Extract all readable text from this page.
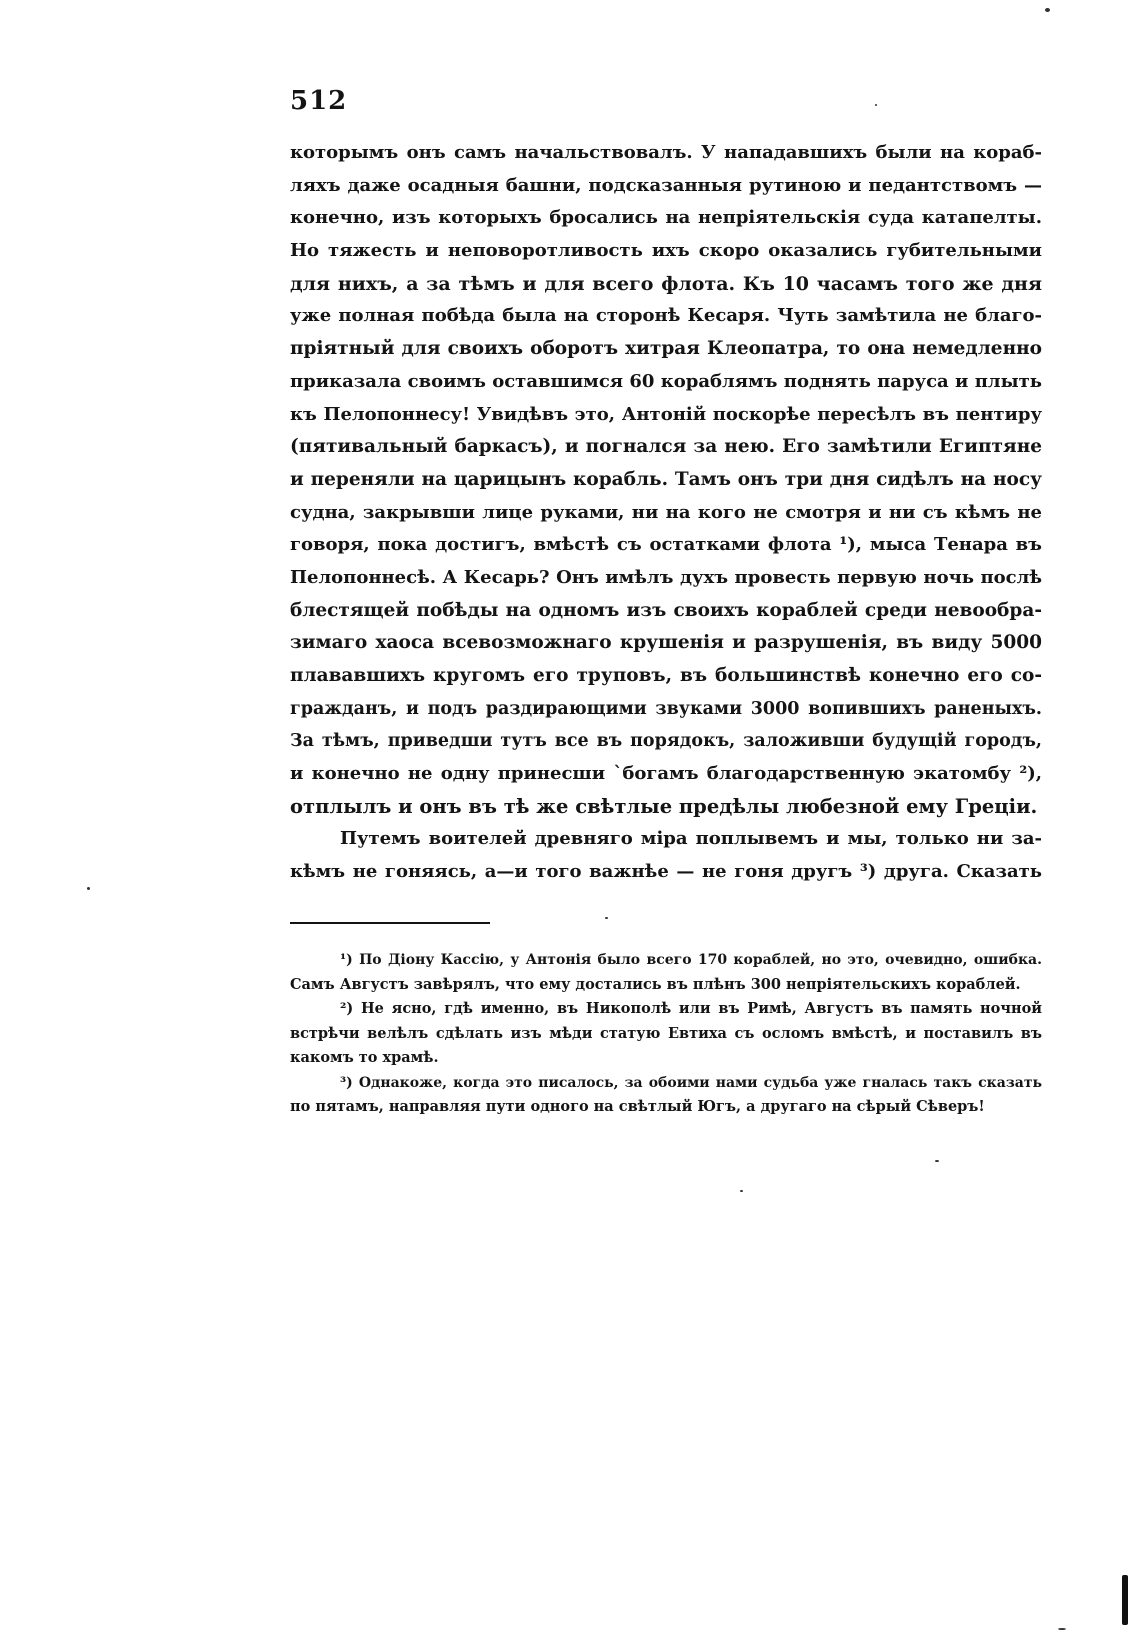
512
которымъ онъ самъ начальствовалъ. У нападавшихъ были на кораб-
ляхъ даже осадныя башни, подсказанныя рутиною и педантствомъ —
конечно, изъ которыхъ бросались на непріятельскія суда катапелты.
Но тяжесть и неповоротливость ихъ скоро оказались губительными
для нихъ, а за тѣмъ и для всего флота. Къ 10 часамъ того же дня
уже полная побѣда была на сторонѣ Кесаря. Чуть замѣтила не благо-
пріятный для своихъ оборотъ хитрая Клеопатра, то она немедленно
приказала своимъ оставшимся 60 кораблямъ поднять паруса и плыть
къ Пелопоннесу! Увидѣвъ это, Антоній поскорѣе пересѣлъ въ пентиру
(пятивальный баркасъ), и погнался за нею. Его замѣтили Египтяне
и переняли на царицынъ корабль. Тамъ онъ три дня сидѣлъ на носу
судна, закрывши лице руками, ни на кого не смотря и ни съ кѣмъ не
говоря, пока достигъ, вмѣстѣ съ остатками флота ¹), мыса Тенара въ
Пелопоннесѣ. А Кесарь? Онъ имѣлъ духъ провесть первую ночь послѣ
блестящей побѣды на одномъ изъ своихъ кораблей среди невообра-
зимаго хаоса всевозможнаго крушенія и разрушенія, въ виду 5000
плававшихъ кругомъ его труповъ, въ большинствѣ конечно его со-
гражданъ, и подъ раздирающими звуками 3000 вопившихъ раненыхъ.
За тѣмъ, приведши тутъ все въ порядокъ, заложивши будущій городъ,
и конечно не одну принесши `богамъ благодарственную экатомбу ²),
отплылъ и онъ въ тѣ же свѣтлые предѣлы любезной ему Греціи.
Путемъ воителей древняго міра поплывемъ и мы, только ни за-
кѣмъ не гоняясь, а—и того важнѣе — не гоня другъ ³) друга. Сказать
¹) По Діону Кассію, у Антонія было всего 170 кораблей, но это, очевидно, ошибка.
Самъ Августъ завѣрялъ, что ему достались въ плѣнъ 300 непріятельскихъ кораблей.
²) Не ясно, гдѣ именно, въ Никополѣ или въ Римѣ, Августъ въ память ночной
встрѣчи велѣлъ сдѣлать изъ мѣди статую Евтиха съ осломъ вмѣстѣ, и поставилъ въ
какомъ то храмѣ.
³) Однакоже, когда это писалось, за обоими нами судьба уже гналась такъ сказать
по пятамъ, направляя пути одного на свѣтлый Югъ, а другаго на сѣрый Сѣверъ!
